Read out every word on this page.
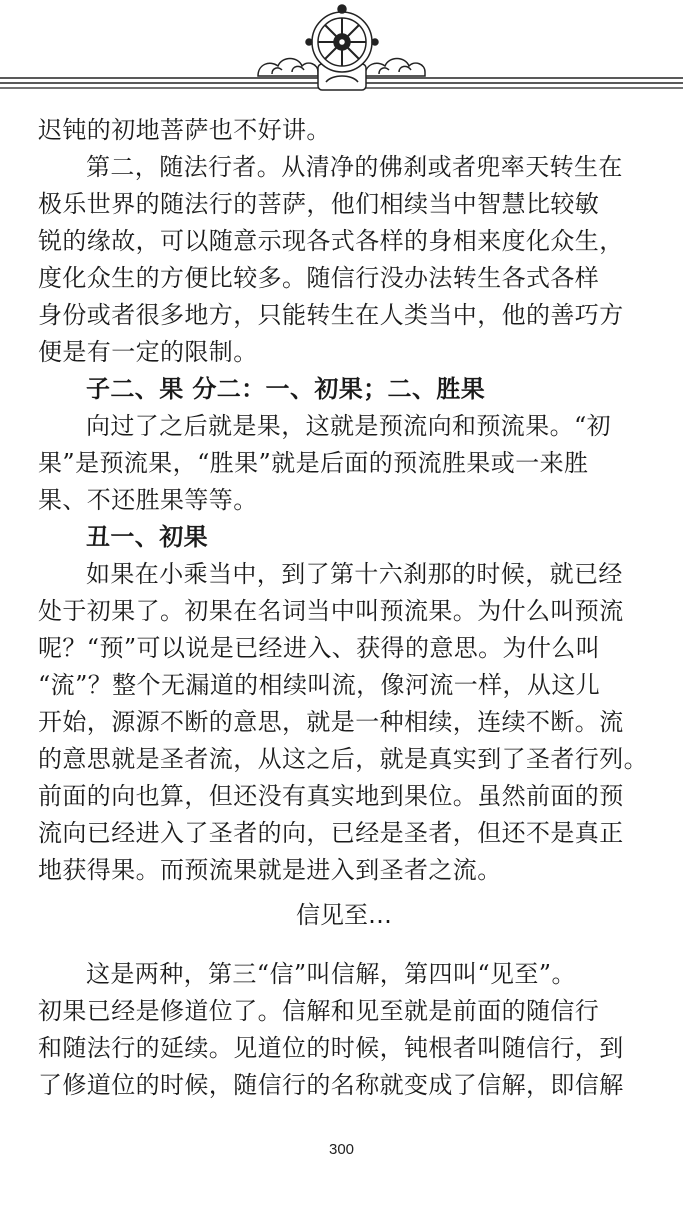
迟钝的初地菩萨也不好讲。
第二，随法行者。从清净的佛刹或者兜率天转生在
极乐世界的随法行的菩萨，他们相续当中智慧比较敏
锐的缘故，可以随意示现各式各样的身相来度化众生，
度化众生的方便比较多。随信行没办法转生各式各样
身份或者很多地方，只能转生在人类当中，他的善巧方
便是有一定的限制。
子二、果 分二：一、初果；二、胜果
向过了之后就是果，这就是预流向和预流果。“初
果”是预流果，“胜果”就是后面的预流胜果或一来胜
果、不还胜果等等。
丑一、初果
如果在小乘当中，到了第十六刹那的时候，就已经
处于初果了。初果在名词当中叫预流果。为什么叫预流
呢？“预”可以说是已经进入、获得的意思。为什么叫
“流”？整个无漏道的相续叫流，像河流一样，从这儿
开始，源源不断的意思，就是一种相续，连续不断。流
的意思就是圣者流，从这之后，就是真实到了圣者行列。
前面的向也算，但还没有真实地到果位。虽然前面的预
流向已经进入了圣者的向，已经是圣者，但还不是真正
地获得果。而预流果就是进入到圣者之流。
信见至…
这是两种，第三“信”叫信解，第四叫“见至”。
初果已经是修道位了。信解和见至就是前面的随信行
和随法行的延续。见道位的时候，钝根者叫随信行，到
了修道位的时候，随信行的名称就变成了信解，即信解
300
